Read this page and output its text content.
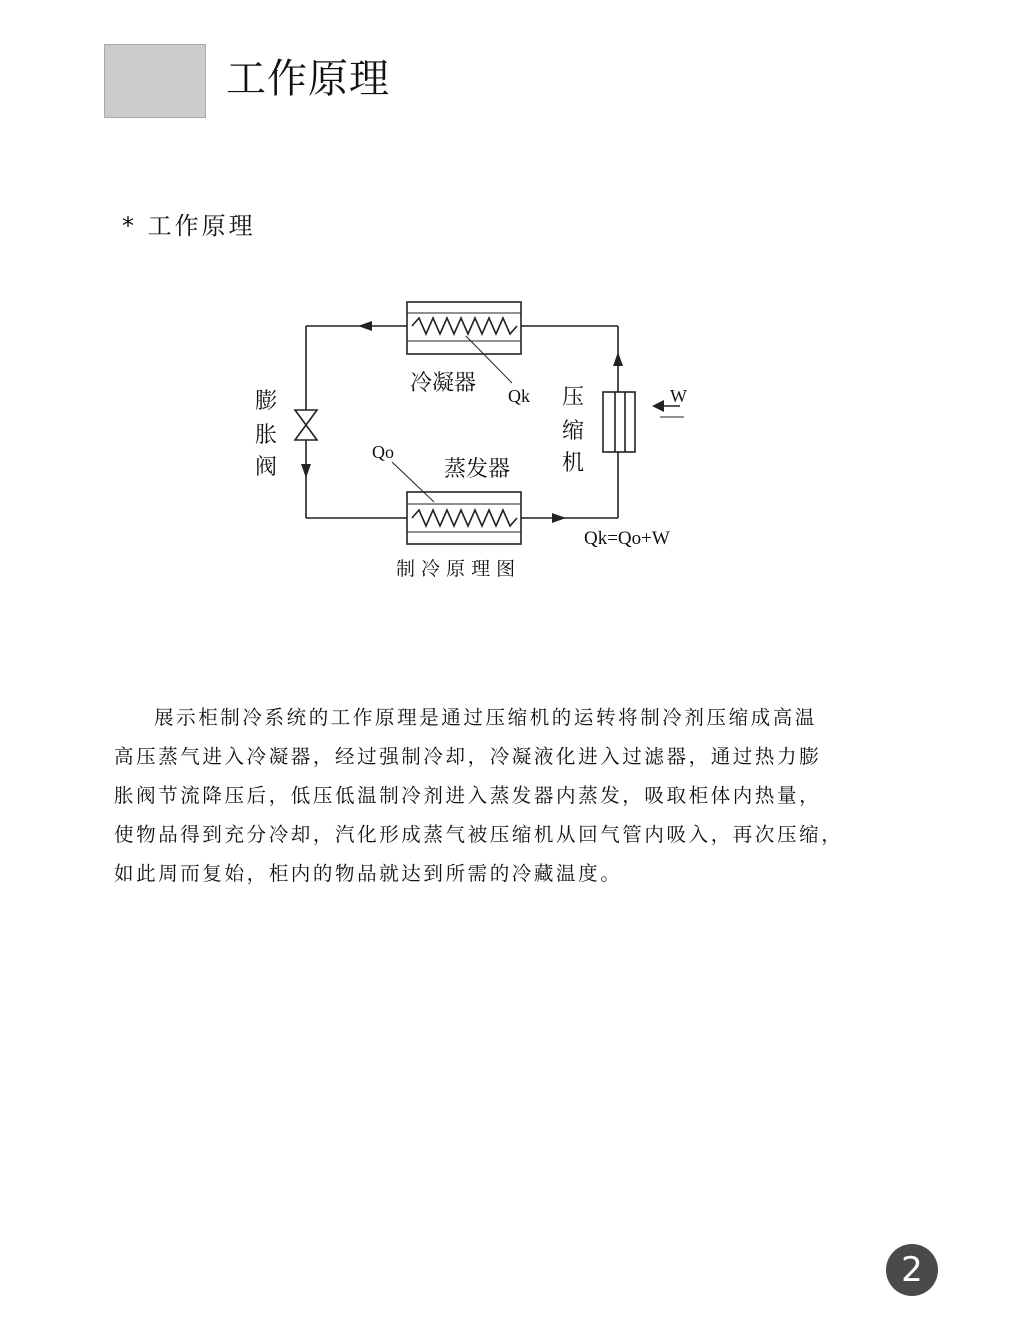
工作原理
* 工作原理
冷凝器 Qk
Qo
蒸发器
膨
胀
阀
压
缩
机
W
Qk=Qo+W
制 冷 原 理 图

展示柜制冷系统的工作原理是通过压缩机的运转将制冷剂压缩成高温
高压蒸气进入冷凝器，经过强制冷却，冷凝液化进入过滤器，通过热力膨
胀阀节流降压后，低压低温制冷剂进入蒸发器内蒸发，吸取柜体内热量，
使物品得到充分冷却，汽化形成蒸气被压缩机从回气管内吸入，再次压缩，
如此周而复始，柜内的物品就达到所需的冷藏温度。

2
